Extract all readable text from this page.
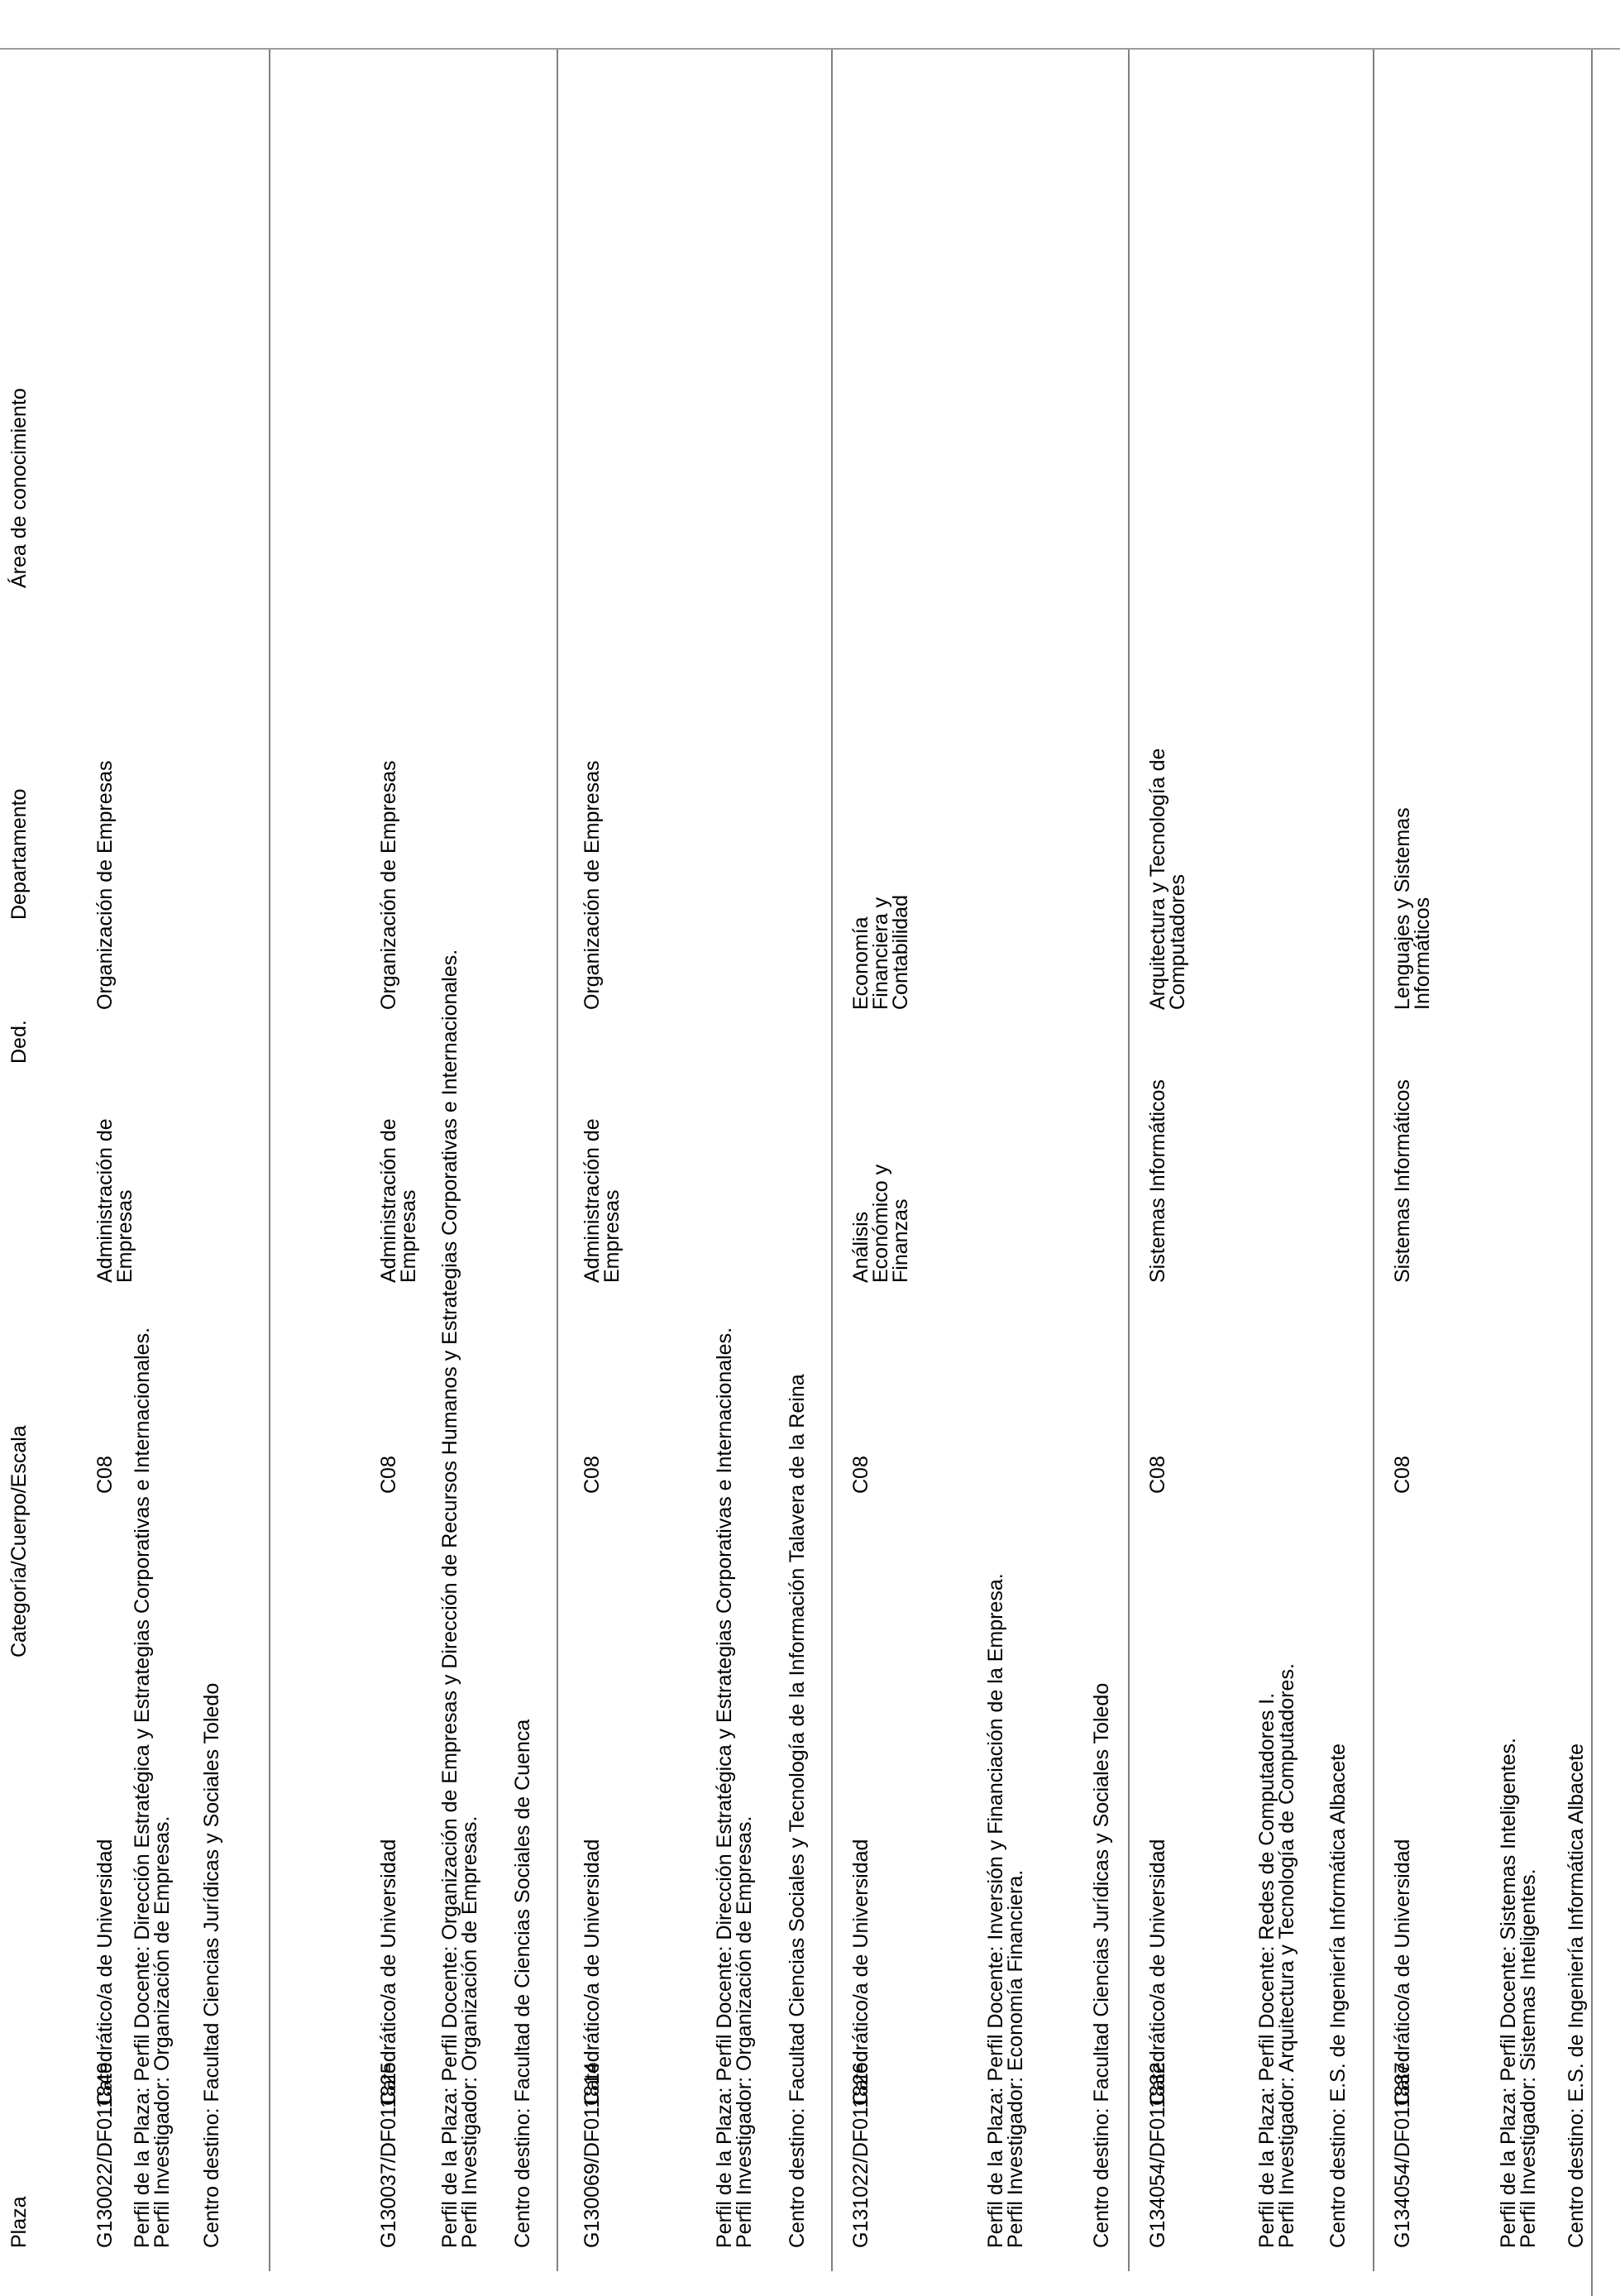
Plaza
Categoría/Cuerpo/Escala
Ded.
Departamento
Área de conocimiento
G130022/DF011849
Catedrático/a de Universidad
C08
Administración de Empresas
Organización de Empresas
Perfil de la Plaza: Perfil Docente: Dirección Estratégica y Estrategias Corporativas e Internacionales.
Perfil Investigador: Organización de Empresas. Centro destino: Facultad Ciencias Jurídicas y Sociales Toledo	G130037/DF011825
Catedrático/a de Universidad
C08
Administración de Empresas
Organización de Empresas
Perfil de la Plaza: Perfil Docente: Organización de Empresas y Dirección de Recursos Humanos y Estrategias Corporativas e Internacionales.
Perfil Investigador: Organización de Empresas. Centro destino: Facultad de Ciencias Sociales de Cuenca G130069/DF011814
Catedrático/a de Universidad
C08
Administración de Empresas
Organización de Empresas
Perfil de la Plaza: Perfil Docente: Dirección Estratégica y Estrategias Corporativas e Internacionales.
Perfil Investigador: Organización de Empresas. Centro destino: Facultad Ciencias Sociales y Tecnología de la Información Talavera de la Reina G131022/DF011826
Catedrático/a de Universidad
C08
Análisis Económico y Finanzas
Economía Financiera y Contabilidad
Perfil de la Plaza: Perfil Docente: Inversión y Financiación de la Empresa.
Perfil Investigador: Economía Financiera.	Centro destino: Facultad Ciencias Jurídicas y Sociales Toledo G134054/DF011832
Catedrático/a de Universidad
C08
Sistemas Informáticos
Arquitectura y Tecnología de Computadores
Perfil de la Plaza: Perfil Docente: Redes de Computadores I.
Perfil Investigador: Arquitectura y Tecnología de Computadores. Centro destino: E.S. de Ingeniería Informática Albacete G134054/DF011837
Catedrático/a de Universidad
C08
Sistemas Informáticos
Lenguajes y Sistemas Informáticos
Perfil de la Plaza: Perfil Docente: Sistemas Inteligentes.
Perfil Investigador: Sistemas Inteligentes. Centro destino: E.S. de Ingeniería Informática Albacete
